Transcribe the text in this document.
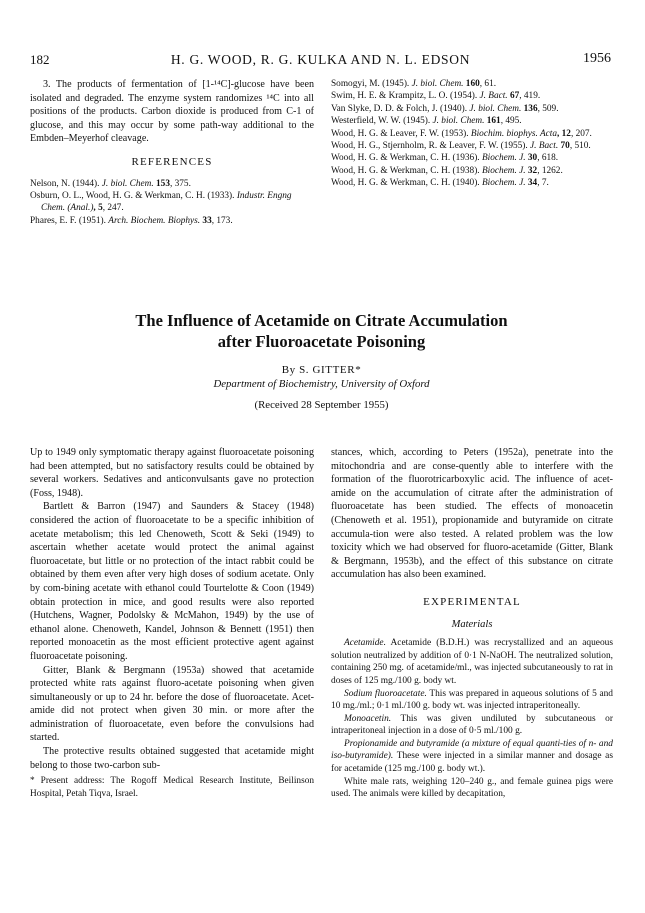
182	H. G. WOOD, R. G. KULKA AND N. L. EDSON	1956

3. The products of fermentation of [1-¹⁴C]-glucose have been isolated and degraded. The enzyme system randomizes ¹⁴C into all positions of the products. Carbon dioxide is produced from C-1 of glucose, and this may occur by some path-way additional to the Embden–Meyerhof cleavage.

REFERENCES

Nelson, N. (1944). J. biol. Chem. 153, 375.

Osburn, O. L., Wood, H. G. & Werkman, C. H. (1933). Industr. Engng Chem. (Anal.), 5, 247.

Phares, E. F. (1951). Arch. Biochem. Biophys. 33, 173.

Somogyi, M. (1945). J. biol. Chem. 160, 61.

Swim, H. E. & Krampitz, L. O. (1954). J. Bact. 67, 419.

Van Slyke, D. D. & Folch, J. (1940). J. biol. Chem. 136, 509.

Westerfield, W. W. (1945). J. biol. Chem. 161, 495.

Wood, H. G. & Leaver, F. W. (1953). Biochim. biophys. Acta, 12, 207.

Wood, H. G., Stjernholm, R. & Leaver, F. W. (1955). J. Bact. 70, 510.

Wood, H. G. & Werkman, C. H. (1936). Biochem. J. 30, 618.

Wood, H. G. & Werkman, C. H. (1938). Biochem. J. 32, 1262.

Wood, H. G. & Werkman, C. H. (1940). Biochem. J. 34, 7.

The Influence of Acetamide on Citrate Accumulation

after Fluoroacetate Poisoning

By S. GITTER*
Department of Biochemistry, University of Oxford
(Received 28 September 1955)

Up to 1949 only symptomatic therapy against fluoroacetate poisoning had been attempted, but no satisfactory results could be obtained by several workers. Sedatives and anticonvulsants gave no protection (Foss, 1948).

Bartlett & Barron (1947) and Saunders & Stacey (1948) considered the action of fluoroacetate to be a specific inhibition of acetate metabolism; this led Chenoweth, Scott & Seki (1949) to ascertain whether acetate would protect the animal against fluoroacetate, but little or no protection of the intact rabbit could be obtained by them even after very high doses of sodium acetate. Only by com-bining acetate with ethanol could Tourtelotte & Coon (1949) obtain protection in mice, and good results were also reported (Hutchens, Wagner, Podolsky & McMahon, 1949) by the use of ethanol alone. Chenoweth, Kandel, Johnson & Bennett (1951) then reported monoacetin as the most efficient protective agent against fluoroacetate poisoning.

Gitter, Blank & Bergmann (1953a) showed that acetamide protected white rats against fluoro-acetate poisoning when given simultaneously or up to 24 hr. before the dose of fluoroacetate. Acet-amide did not protect when given 30 min. or more after the administration of fluoroacetate, even before the convulsions had started.

The protective results obtained suggested that acetamide might belong to those two-carbon sub-

* Present address: The Rogoff Medical Research Institute, Beilinson Hospital, Petah Tiqva, Israel.

stances, which, according to Peters (1952a), penetrate into the mitochondria and are conse-quently able to interfere with the formation of the fluorotricarboxylic acid. The influence of acet-amide on the accumulation of citrate after the administration of fluoroacetate has been studied. The effects of monoacetin (Chenoweth et al. 1951), propionamide and butyramide on citrate accumula-tion were also tested. A related problem was the low toxicity which we had observed for fluoro-acetamide (Gitter, Blank & Bergmann, 1953b), and the effect of this substance on citrate accumulation has also been examined.

EXPERIMENTAL
Materials

Acetamide. Acetamide (B.D.H.) was recrystallized and an aqueous solution neutralized by addition of 0·1 N-NaOH. The neutralized solution, containing 250 mg. of acetamide/ml., was injected subcutaneously to rat in doses of 125 mg./100 g. body wt.

Sodium fluoroacetate. This was prepared in aqueous solutions of 5 and 10 mg./ml.; 0·1 ml./100 g. body wt. was injected intraperitoneally.

Monoacetin. This was given undiluted by subcutaneous or intraperitoneal injection in a dose of 0·5 ml./100 g.

Propionamide and butyramide (a mixture of equal quanti-ties of n- and iso-butyramide). These were injected in a similar manner and dosage as for acetamide (125 mg./100 g. body wt.).

White male rats, weighing 120–240 g., and female guinea pigs were used. The animals were killed by decapitation,
